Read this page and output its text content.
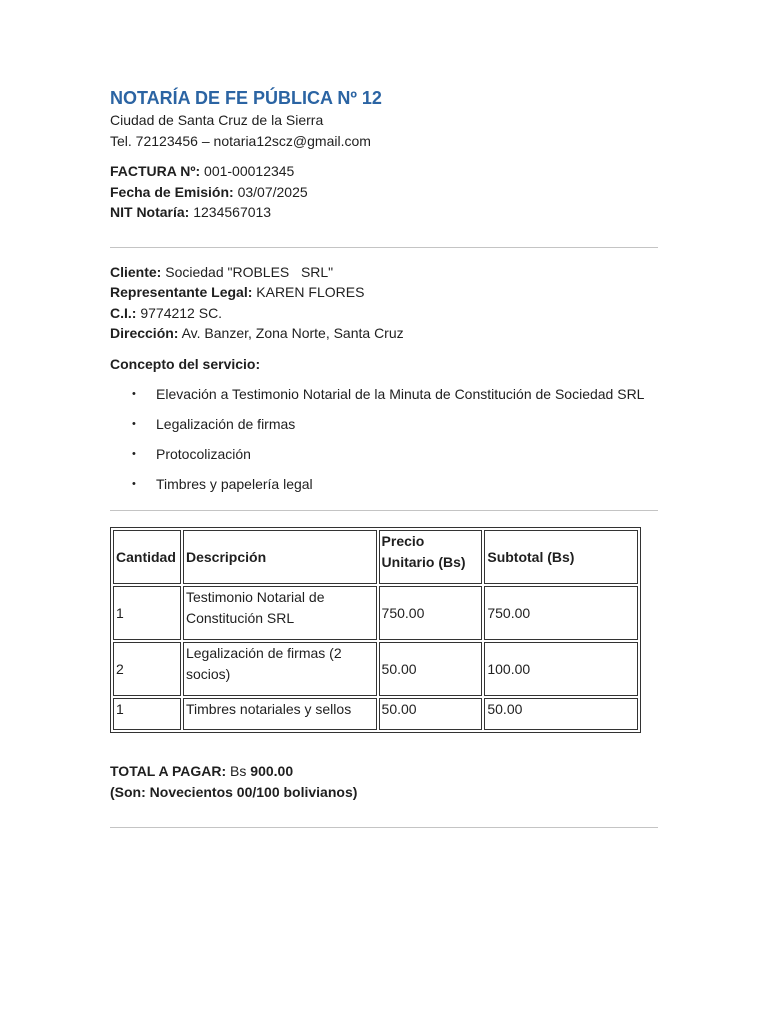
NOTARÍA DE FE PÚBLICA Nº 12

Ciudad de Santa Cruz de la Sierra

Tel. 72123456 – notaria12scz@gmail.com

FACTURA Nº: 001-00012345

Fecha de Emisión: 03/07/2025

NIT Notaría: 1234567013

Cliente: Sociedad "ROBLES   SRL"

Representante Legal: KAREN FLORES

C.I.: 9774212 SC.

Dirección: Av. Banzer, Zona Norte, Santa Cruz

Concepto del servicio:

• Elevación a Testimonio Notarial de la Minuta de Constitución de Sociedad SRL
• Legalización de firmas
• Protocolización
• Timbres y papelería legal
Cantidad	Descripción	Precio Unitario (Bs)	Subtotal (Bs)
1	Testimonio Notarial de Constitución SRL	750.00	750.00
2	Legalización de firmas (2 socios)	50.00	100.00
1	Timbres notariales y sellos	50.00	50.00

TOTAL A PAGAR: Bs 900.00

(Son: Novecientos 00/100 bolivianos)
